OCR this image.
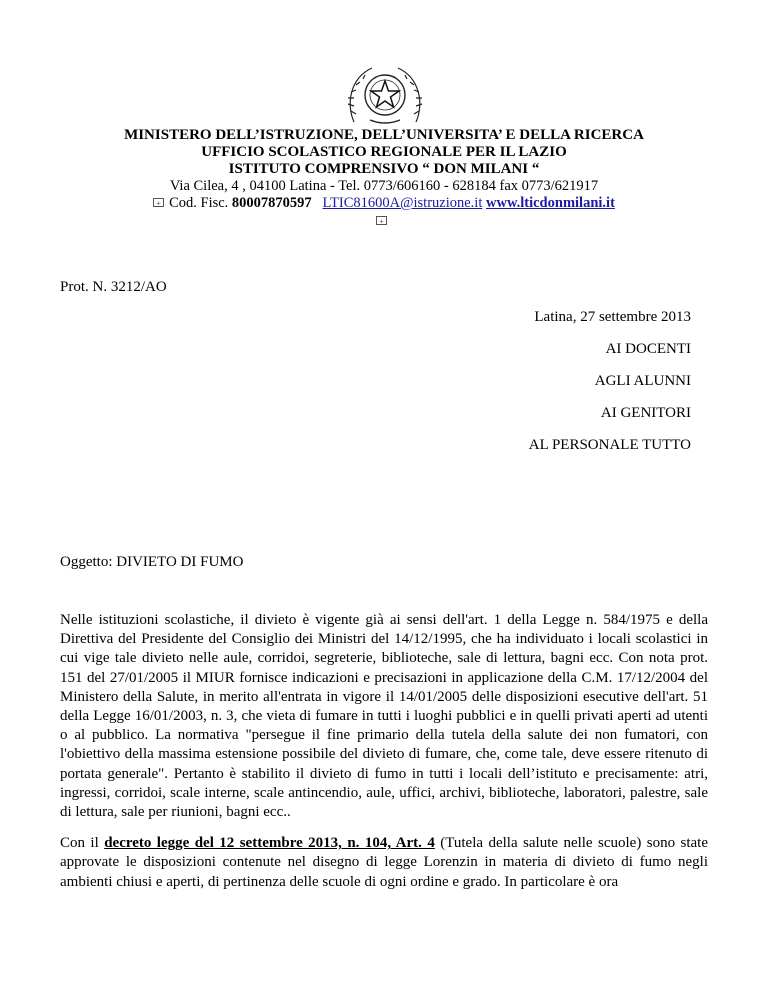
MINISTERO DELL’ISTRUZIONE, DELL’UNIVERSITA’ E DELLA RICERCA
UFFICIO SCOLASTICO REGIONALE PER IL LAZIO
ISTITUTO COMPRENSIVO “ DON MILANI “
Via Cilea, 4 , 04100 Latina - Tel. 0773/606160 - 628184 fax 0773/621917
+ Cod. Fisc. 80007870597 LTIC81600A@istruzione.it www.lticdonmilani.it
+
Prot. N. 3212/AO
Latina, 27 settembre 2013
AI DOCENTI
AGLI ALUNNI
AI GENITORI
AL PERSONALE TUTTO
Oggetto: DIVIETO DI FUMO

Nelle istituzioni scolastiche, il divieto è vigente già ai sensi dell'art. 1 della Legge n. 584/1975 e della Direttiva del Presidente del Consiglio dei Ministri del 14/12/1995, che ha individuato i locali scolastici in cui vige tale divieto nelle aule, corridoi, segreterie, biblioteche, sale di lettura, bagni ecc. Con nota prot. 151 del 27/01/2005 il MIUR fornisce indicazioni e precisazioni in applicazione della C.M. 17/12/2004 del Ministero della Salute, in merito all'entrata in vigore il 14/01/2005 delle disposizioni esecutive dell'art. 51 della Legge 16/01/2003, n. 3, che vieta di fumare in tutti i luoghi pubblici e in quelli privati aperti ad utenti o al pubblico. La normativa "persegue il fine primario della tutela della salute dei non fumatori, con l'obiettivo della massima estensione possibile del divieto di fumare, che, come tale, deve essere ritenuto di portata generale". Pertanto è stabilito il divieto di fumo in tutti i locali dell’istituto e precisamente: atri, ingressi, corridoi, scale interne, scale antincendio, aule, uffici, archivi, biblioteche, laboratori, palestre, sale di lettura, sale per riunioni, bagni ecc..

Con il decreto legge del 12 settembre 2013, n. 104, Art. 4 (Tutela della salute nelle scuole) sono state approvate le disposizioni contenute nel disegno di legge Lorenzin in materia di divieto di fumo negli ambienti chiusi e aperti, di pertinenza delle scuole di ogni ordine e grado. In particolare è ora
